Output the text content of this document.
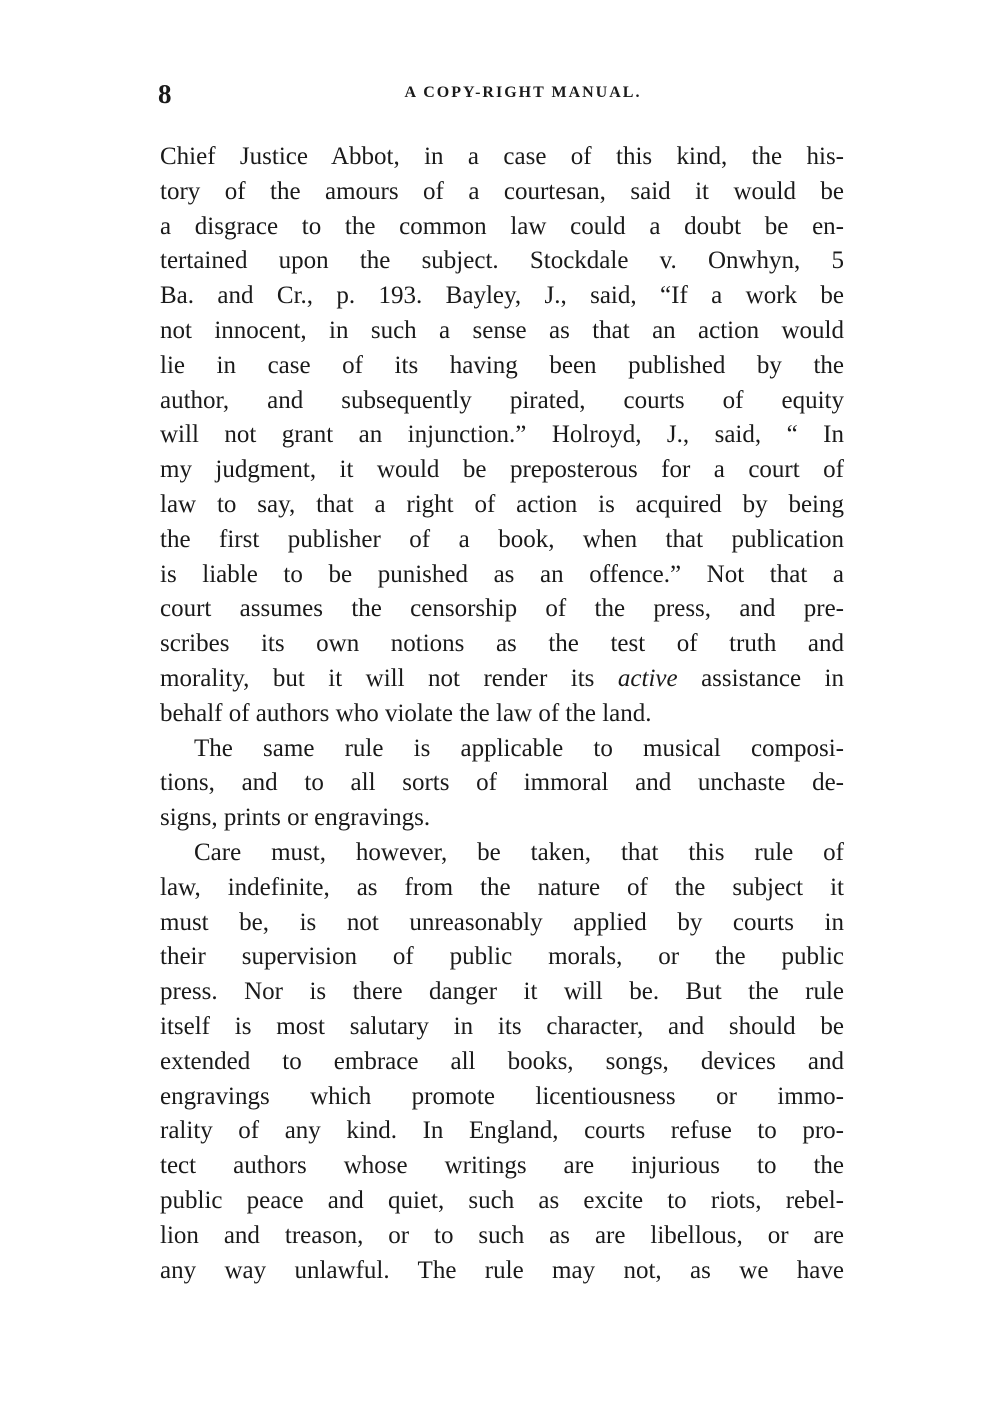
8	A COPY-RIGHT MANUAL.
Chief Justice Abbot, in a case of this kind, the his-
tory of the amours of a courtesan, said it would be
a disgrace to the common law could a doubt be en-
tertained upon the subject. Stockdale v. Onwhyn, 5
Ba. and Cr., p. 193. Bayley, J., said, “If a work be
not innocent, in such a sense as that an action would
lie in case of its having been published by the
author, and subsequently pirated, courts of equity
will not grant an injunction.” Holroyd, J., said, “ In
my judgment, it would be preposterous for a court of
law to say, that a right of action is acquired by being
the first publisher of a book, when that publication
is liable to be punished as an offence.” Not that a
court assumes the censorship of the press, and pre-
scribes its own notions as the test of truth and
morality, but it will not render its active assistance in
behalf of authors who violate the law of the land.
The same rule is applicable to musical composi-
tions, and to all sorts of immoral and unchaste de-
signs, prints or engravings.
Care must, however, be taken, that this rule of
law, indefinite, as from the nature of the subject it
must be, is not unreasonably applied by courts in
their supervision of public morals, or the public
press. Nor is there danger it will be. But the rule
itself is most salutary in its character, and should be
extended to embrace all books, songs, devices and
engravings which promote licentiousness or immo-
rality of any kind. In England, courts refuse to pro-
tect authors whose writings are injurious to the
public peace and quiet, such as excite to riots, rebel-
lion and treason, or to such as are libellous, or are
any way unlawful. The rule may not, as we have
